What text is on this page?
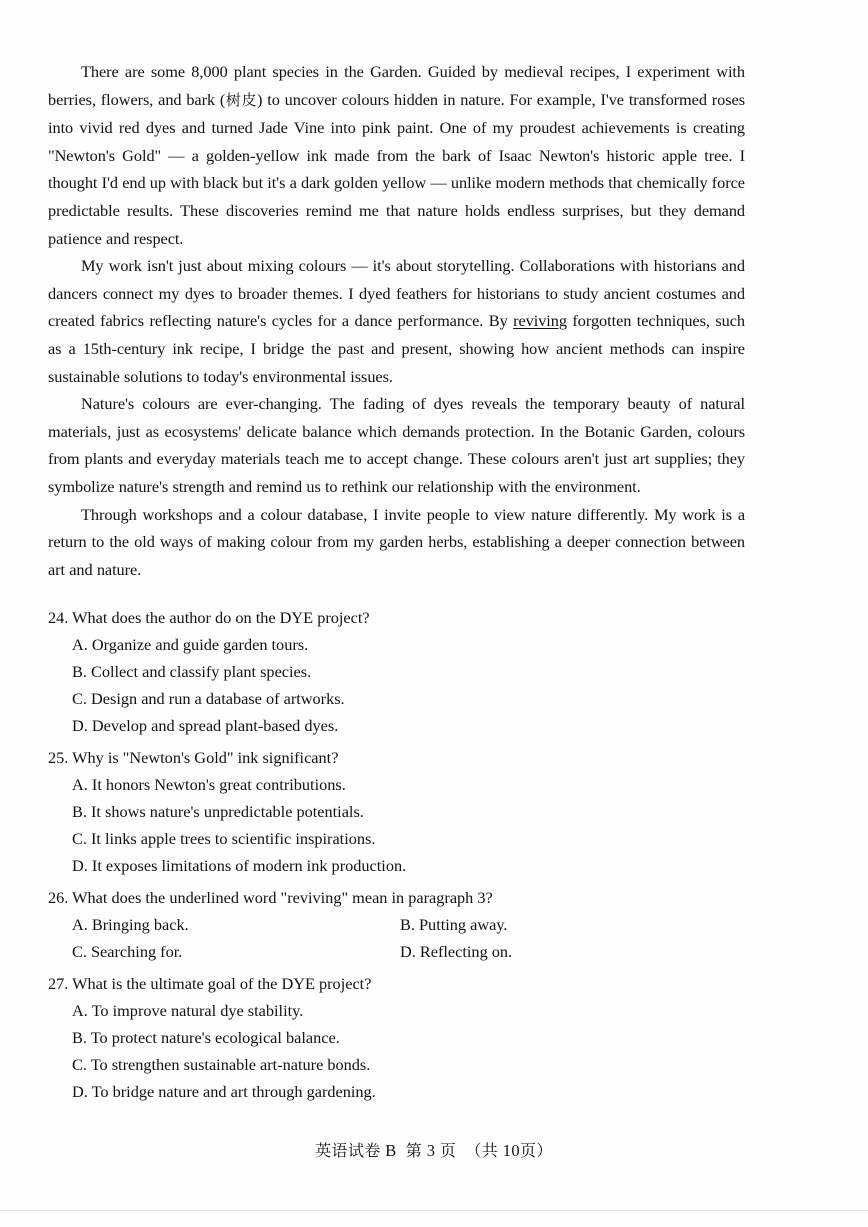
There are some 8,000 plant species in the Garden. Guided by medieval recipes, I experiment with berries, flowers, and bark (树皮) to uncover colours hidden in nature. For example, I've transformed roses into vivid red dyes and turned Jade Vine into pink paint. One of my proudest achievements is creating "Newton's Gold" — a golden-yellow ink made from the bark of Isaac Newton's historic apple tree. I thought I'd end up with black but it's a dark golden yellow — unlike modern methods that chemically force predictable results. These discoveries remind me that nature holds endless surprises, but they demand patience and respect.

My work isn't just about mixing colours — it's about storytelling. Collaborations with historians and dancers connect my dyes to broader themes. I dyed feathers for historians to study ancient costumes and created fabrics reflecting nature's cycles for a dance performance. By reviving forgotten techniques, such as a 15th-century ink recipe, I bridge the past and present, showing how ancient methods can inspire sustainable solutions to today's environmental issues.

Nature's colours are ever-changing. The fading of dyes reveals the temporary beauty of natural materials, just as ecosystems' delicate balance which demands protection. In the Botanic Garden, colours from plants and everyday materials teach me to accept change. These colours aren't just art supplies; they symbolize nature's strength and remind us to rethink our relationship with the environment.

Through workshops and a colour database, I invite people to view nature differently. My work is a return to the old ways of making colour from my garden herbs, establishing a deeper connection between art and nature.

24. What does the author do on the DYE project?

A. Organize and guide garden tours.

B. Collect and classify plant species.

C. Design and run a database of artworks.

D. Develop and spread plant-based dyes.

25. Why is "Newton's Gold" ink significant?

A. It honors Newton's great contributions.

B. It shows nature's unpredictable potentials.

C. It links apple trees to scientific inspirations.

D. It exposes limitations of modern ink production.

26. What does the underlined word "reviving" mean in paragraph 3?

A. Bringing back.	B. Putting away.
C. Searching for.	D. Reflecting on.

27. What is the ultimate goal of the DYE project?

A. To improve natural dye stability.

B. To protect nature's ecological balance.

C. To strengthen sustainable art-nature bonds.

D. To bridge nature and art through gardening.

英语试卷 B 第 3 页 （共 10页）
